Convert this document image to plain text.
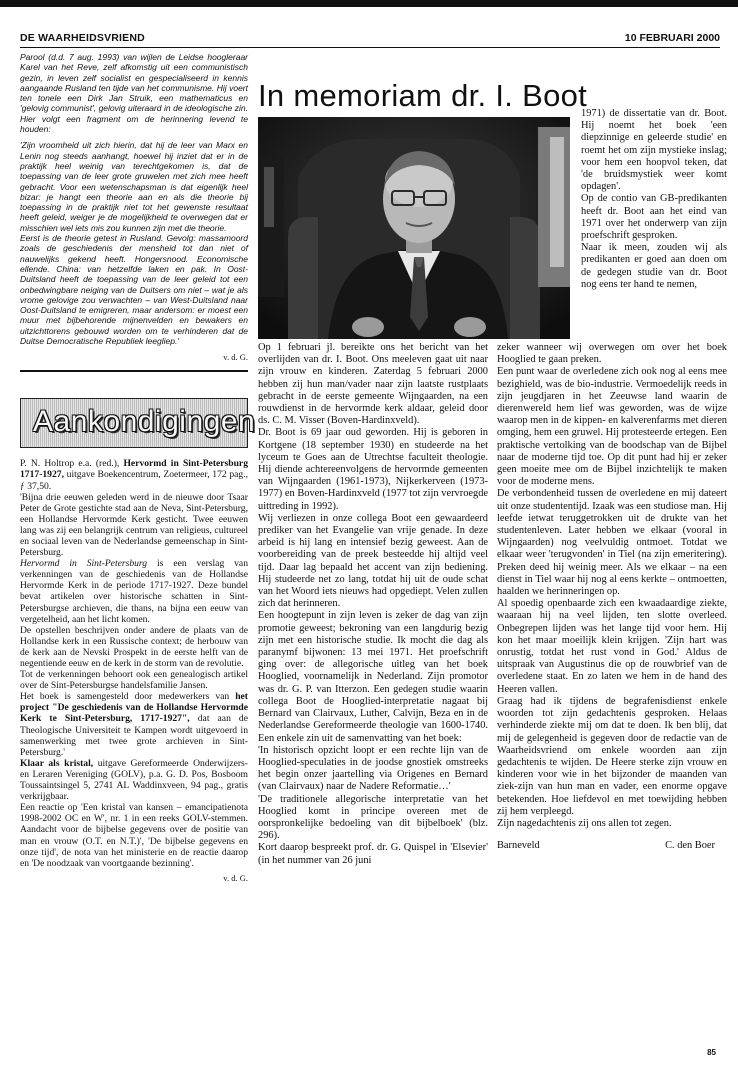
DE WAARHEIDSVRIEND	10 FEBRUARI 2000

Parool (d.d. 7 aug. 1993) van wijlen de Leidse hoogleraar Karel van het Reve, zelf afkomstig uit een communistisch gezin, in leven zelf socialist en gespecialiseerd in kennis aangaande Rusland ten tijde van het communisme. Hij voert ten tonele een Dirk Jan Struik, een mathematicus en 'gelovig communist', gelovig uiteraard in de ideologische zin. Hier volgt een fragment om de herinnering levend te houden:

'Zijn vroomheid uit zich hierin, dat hij de leer van Marx en Lenin nog steeds aanhangt, hoewel hij inziet dat er in de praktijk heel weinig van terechtgekomen is, dat de toepassing van de leer grote gruwelen met zich mee heeft gebracht. Voor een wetenschapsman is dat eigenlijk heel bizar: je hangt een theorie aan en als die theorie bij toepassing in de praktijk niet tot het gewenste resultaat heeft geleid, weiger je de mogelijkheid te overwegen dat er misschien wel iets mis zou kunnen zijn met die theorie.

Eerst is de theorie getest in Rusland. Gevolg: massamoord zoals de geschiedenis der mensheid tot dan niet of nauwelijks gekend heeft. Hongersnood. Economische ellende. China: van hetzelfde laken en pak. In Oost-Duitsland heeft de toepassing van de leer geleid tot een onbedwingbare neiging van de Duitsers om niet – wat je als vrome gelovige zou verwachten – van West-Duitsland naar Oost-Duitsland te emigreren, maar andersom: er moest een muur met bijbehorende mijnenvelden en bewakers en uitzichttorens gebouwd worden om te verhinderen dat de Duitse Democratische Republiek leegliep.'

v. d. G.
Aankondigingen

P. N. Holtrop e.a. (red.), Hervormd in Sint-Petersburg 1717-1927, uitgave Boekencentrum, Zoetermeer, 172 pag., ƒ 37,50.

'Bijna drie eeuwen geleden werd in de nieuwe door Tsaar Peter de Grote gestichte stad aan de Neva, Sint-Petersburg, een Hollandse Hervormde Kerk gesticht. Twee eeuwen lang was zij een belangrijk centrum van religieus, cultureel en sociaal leven van de Nederlandse gemeenschap in Sint-Petersburg.

Hervormd in Sint-Petersburg is een verslag van verkenningen van de geschiedenis van de Hollandse Hervormde Kerk in de periode 1717-1927. Deze bundel bevat artikelen over historische schatten in Sint-Petersburgse archieven, die thans, na bijna een eeuw van vergetelheid, aan het licht komen.

De opstellen beschrijven onder andere de plaats van de Hollandse kerk in een Russische context; de herbouw van de kerk aan de Nevski Prospekt in de eerste helft van de negentiende eeuw en de kerk in de storm van de revolutie.

Tot de verkenningen behoort ook een genealogisch artikel over de Sint-Petersburgse handelsfamilie Jansen.

Het boek is samengesteld door medewerkers van het project "De geschiedenis van de Hollandse Hervormde Kerk te Sint-Petersburg, 1717-1927", dat aan de Theologische Universiteit te Kampen wordt uitgevoerd in samenwerking met twee grote archieven in Sint-Petersburg.'

Klaar als kristal, uitgave Gereformeerde Onderwijzers- en Leraren Vereniging (GOLV), p.a. G. D. Pos, Bosboom Toussaintsingel 5, 2741 AL Waddinxveen, 94 pag., gratis verkrijgbaar.

Een reactie op 'Een kristal van kansen – emancipatienota 1998-2002 OC en W', nr. 1 in een reeks GOLV-stemmen. Aandacht voor de bijbelse gegevens over de positie van man en vrouw (O.T. en N.T.)', 'De bijbelse gegevens en onze tijd', de nota van het ministerie en de reactie daarop en 'De noodzaak van voortgaande bezinning'.

v. d. G.
In memoriam dr. I. Boot

1971) de dissertatie van dr. Boot. Hij noemt het boek 'een diepzinnige en geleerde studie' en roemt het om zijn mystieke inslag; voor hem een hoopvol teken, dat 'de bruidsmystiek weer komt opdagen'.

Op de contio van GB-predikanten heeft dr. Boot aan het eind van 1971 over het onderwerp van zijn proefschrift gesproken.

Naar ik meen, zouden wij als predikanten er goed aan doen om de gedegen studie van dr. Boot nog eens ter hand te nemen,

Op 1 februari jl. bereikte ons het bericht van het overlijden van dr. I. Boot. Ons meeleven gaat uit naar zijn vrouw en kinderen. Zaterdag 5 februari 2000 hebben zij hun man/vader naar zijn laatste rustplaats gebracht in de eerste gemeente Wijngaarden, na een rouwdienst in de hervormde kerk aldaar, geleid door ds. C. M. Visser (Boven-Hardinxveld).

Dr. Boot is 69 jaar oud geworden. Hij is geboren in Kortgene (18 september 1930) en studeerde na het lyceum te Goes aan de Utrechtse faculteit theologie. Hij diende achtereenvolgens de hervormde gemeenten van Wijngaarden (1961-1973), Nijkerkerveen (1973-1977) en Boven-Hardinxveld (1977 tot zijn vervroegde uittreding in 1992).

Wij verliezen in onze collega Boot een gewaardeerd prediker van het Evangelie van vrije genade. In deze arbeid is hij lang en intensief bezig geweest. Aan de voorbereiding van de preek besteedde hij altijd veel tijd. Daar lag bepaald het accent van zijn bediening. Hij studeerde net zo lang, totdat hij uit de oude schat van het Woord iets nieuws had opgediept. Velen zullen zich dat herinneren.

Een hoogtepunt in zijn leven is zeker de dag van zijn promotie geweest; bekroning van een langdurig bezig zijn met een historische studie. Ik mocht die dag als paranymf bijwonen: 13 mei 1971. Het proefschrift ging over: de allegorische uitleg van het boek Hooglied, voornamelijk in Nederland. Zijn promotor was dr. G. P. van Itterzon. Een gedegen studie waarin collega Boot de Hooglied-interpretatie nagaat bij Bernard van Clairvaux, Luther, Calvijn, Beza en in de Nederlandse Gereformeerde theologie van 1600-1740. Een enkele zin uit de samenvatting van het boek:

'In historisch opzicht loopt er een rechte lijn van de Hooglied-speculaties in de joodse gnostiek omstreeks het begin onzer jaartelling via Origenes en Bernard (van Clairvaux) naar de Nadere Reformatie…'

'De traditionele allegorische interpretatie van het Hooglied komt in principe overeen met de oorspronkelijke bedoeling van dit bijbelboek' (blz. 296).

Kort daarop bespreekt prof. dr. G. Quispel in 'Elsevier' (in het nummer van 26 juni

zeker wanneer wij overwegen om over het boek Hooglied te gaan preken.

Een punt waar de overledene zich ook nog al eens mee bezighield, was de bio-industrie. Vermoedelijk reeds in zijn jeugdjaren in het Zeeuwse land waarin de dierenwereld hem lief was geworden, was de wijze waarop men in de kippen- en kalverenfarms met dieren omging, hem een gruwel. Hij protesteerde ertegen. Een praktische vertolking van de boodschap van de Bijbel naar de moderne tijd toe. Op dit punt had hij er zeker geen moeite mee om de Bijbel inzichtelijk te maken voor de moderne mens.

De verbondenheid tussen de overledene en mij dateert uit onze studententijd. Izaak was een studiose man. Hij leefde ietwat teruggetrokken uit de drukte van het studentenleven. Later hebben we elkaar (vooral in Wijngaarden) nog veelvuldig ontmoet. Totdat we elkaar weer 'terugvonden' in Tiel (na zijn emeritering). Preken deed hij weinig meer. Als we elkaar – na een dienst in Tiel waar hij nog al eens kerkte – ontmoetten, haalden we herinneringen op.

Al spoedig openbaarde zich een kwaadaardige ziekte, waaraan hij na veel lijden, ten slotte overleed. Onbegrepen lijden was het lange tijd voor hem. Hij kon het maar moeilijk klein krijgen. 'Zijn hart was onrustig, totdat het rust vond in God.' Aldus de uitspraak van Augustinus die op de rouwbrief van de overledene staat. En zo laten we hem in de hand des Heeren vallen.

Graag had ik tijdens de begrafenisdienst enkele woorden tot zijn gedachtenis gesproken. Helaas verhinderde ziekte mij om dat te doen. Ik ben blij, dat mij de gelegenheid is gegeven door de redactie van de Waarheidsvriend om enkele woorden aan zijn gedachtenis te wijden. De Heere sterke zijn vrouw en kinderen voor wie in het bijzonder de maanden van ziek-zijn van hun man en vader, een enorme opgave betekenden. Hoe liefdevol en met toewijding hebben zij hem verpleegd.

Zijn nagedachtenis zij ons allen tot zegen.

Barneveld	C. den Boer
85
